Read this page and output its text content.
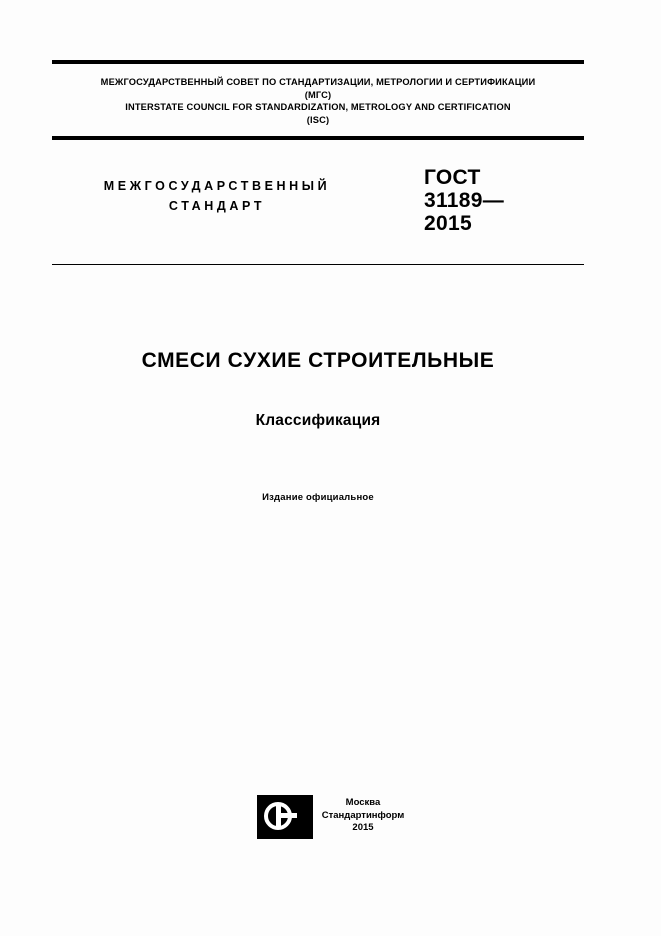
МЕЖГОСУДАРСТВЕННЫЙ СОВЕТ ПО СТАНДАРТИЗАЦИИ, МЕТРОЛОГИИ И СЕРТИФИКАЦИИ
(МГС)
INTERSTATE COUNCIL FOR STANDARDIZATION, METROLOGY AND CERTIFICATION
(ISC)
МЕЖГОСУДАРСТВЕННЫЙ
СТАНДАРТ
ГОСТ
31189—
2015
СМЕСИ СУХИЕ СТРОИТЕЛЬНЫЕ
Классификация
Издание официальное
Москва
Стандартинформ
2015
